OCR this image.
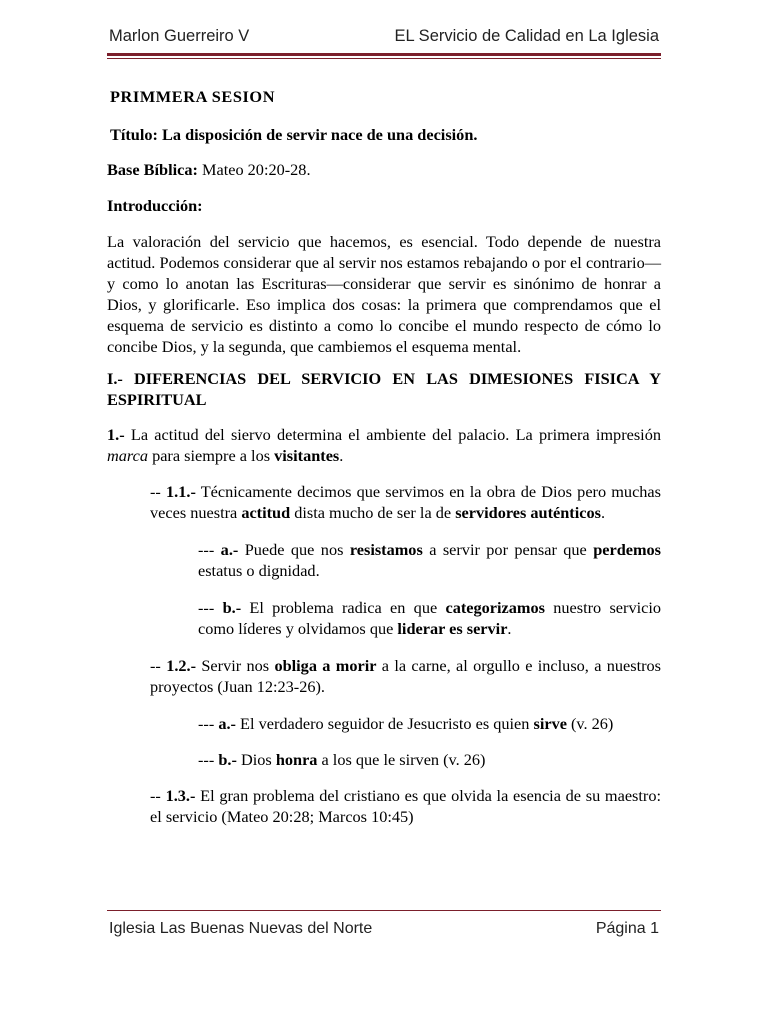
Marlon Guerreiro V	EL Servicio de Calidad en La Iglesia

PRIMMERA SESION

Título: La disposición de servir nace de una decisión.

Base Bíblica: Mateo 20:20-28.

Introducción:

La valoración del servicio que hacemos, es esencial. Todo depende de nuestra actitud. Podemos considerar que al servir nos estamos rebajando o por el contrario—y como lo anotan las Escrituras—considerar que servir es sinónimo de honrar a Dios, y glorificarle. Eso implica dos cosas: la primera que comprendamos que el esquema de servicio es distinto a como lo concibe el mundo respecto de cómo lo concibe Dios, y la segunda, que cambiemos el esquema mental.

I.- DIFERENCIAS DEL SERVICIO EN LAS DIMESIONES FISICA Y ESPIRITUAL

1.- La actitud del siervo determina el ambiente del palacio. La primera impresión marca para siempre a los visitantes.

-- 1.1.- Técnicamente decimos que servimos en la obra de Dios pero muchas veces nuestra actitud dista mucho de ser la de servidores auténticos.

--- a.- Puede que nos resistamos a servir por pensar que perdemos estatus o dignidad.

--- b.- El problema radica en que categorizamos nuestro servicio como líderes y olvidamos que liderar es servir.

-- 1.2.- Servir nos obliga a morir a la carne, al orgullo e incluso, a nuestros proyectos (Juan 12:23-26).

--- a.- El verdadero seguidor de Jesucristo es quien sirve (v. 26)

--- b.- Dios honra a los que le sirven (v. 26)

-- 1.3.- El gran problema del cristiano es que olvida la esencia de su maestro: el servicio (Mateo 20:28; Marcos 10:45)

Iglesia Las Buenas Nuevas del Norte	Página 1
